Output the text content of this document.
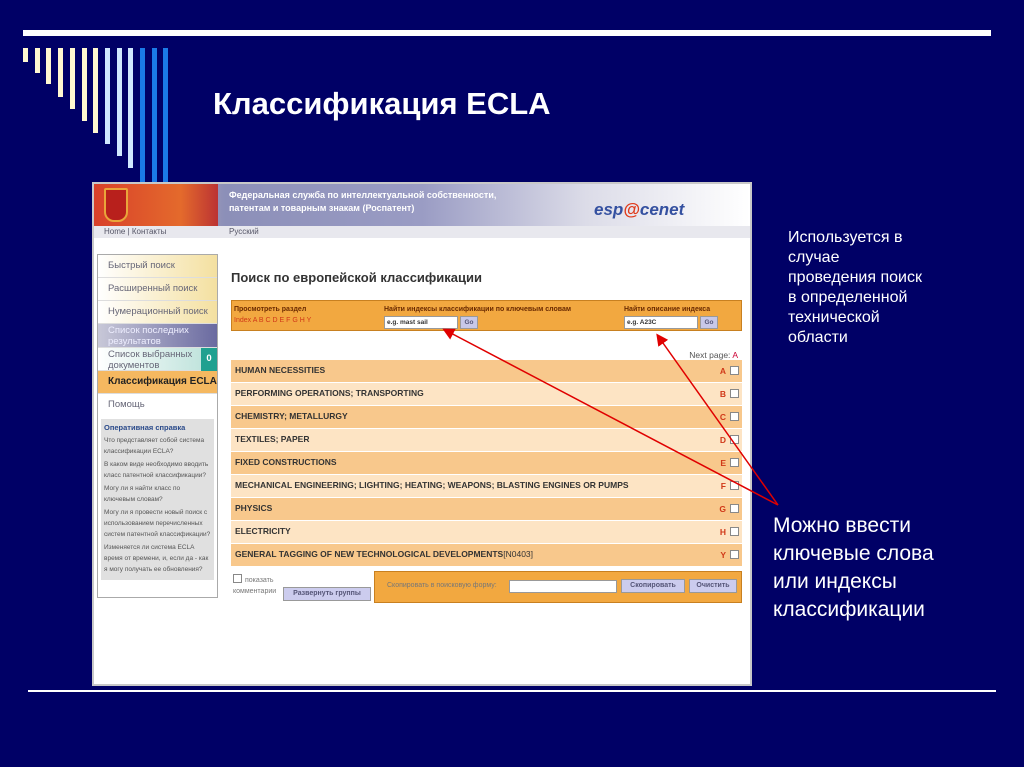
Классификация ECLA
Федеральная служба по интеллектуальной собственности,
патентам и товарным знакам (Роспатент)	esp@cenet
Home | Контакты	Русский
Быстрый поиск
Расширенный поиск
Нумерационный поиск
Список последних результатов
Список выбранных документов
0
Классификация ECLA
Помощь
Оперативная справка
Что представляет собой система классификации ECLA?
В каком виде необходимо вводить класс патентной классификации?
Могу ли я найти класс по ключевым словам?
Могу ли я провести новый поиск с использованием перечисленных систем патентной классификации?
Изменяется ли система ECLA время от времени, и, если да - как я могу получать ее обновления?
Поиск по европейской классификации
Просмотреть раздел
Index A B C D E F G H Y
Найти индексы классификации по ключевым словам
e.g. mast sail	Go
Найти описание индекса
e.g. A23C	Go
Next page: A
HUMAN NECESSITIES	A
PERFORMING OPERATIONS; TRANSPORTING	B
CHEMISTRY; METALLURGY	C
TEXTILES; PAPER	D
FIXED CONSTRUCTIONS	E
MECHANICAL ENGINEERING; LIGHTING; HEATING; WEAPONS; BLASTING ENGINES OR PUMPS	F
PHYSICS	G
ELECTRICITY	H
GENERAL TAGGING OF NEW TECHNOLOGICAL DEVELOPMENTS[N0403]	Y
показать комментарии	Развернуть группы
Скопировать в поисковую форму:	Скопировать	Очистить
Используется в
случае
проведения поиск
в определенной
технической
области
Можно ввести
ключевые слова
или индексы
классификации
